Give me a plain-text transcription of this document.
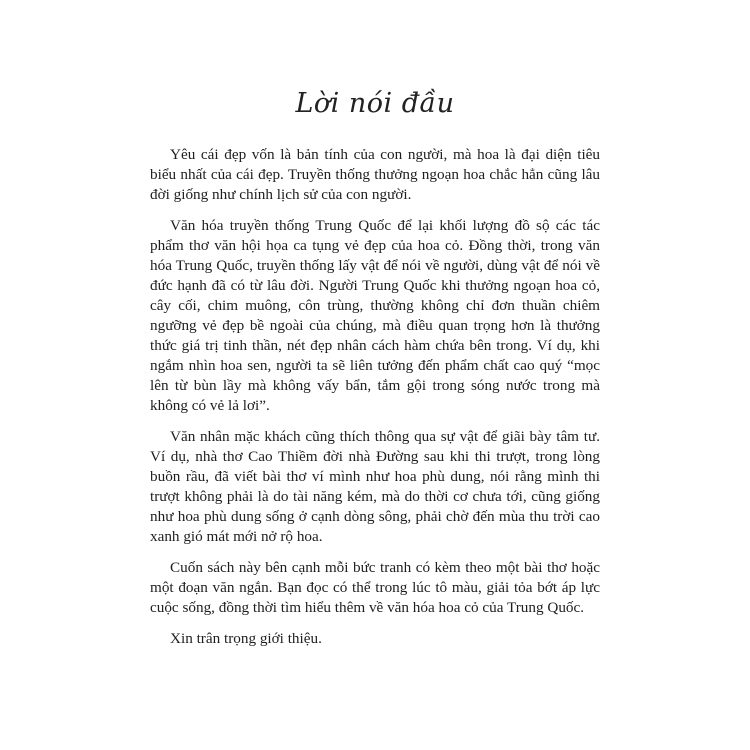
Lời nói đầu

Yêu cái đẹp vốn là bản tính của con người, mà hoa là đại diện tiêu biểu nhất của cái đẹp. Truyền thống thưởng ngoạn hoa chắc hẳn cũng lâu đời giống như chính lịch sử của con người.

Văn hóa truyền thống Trung Quốc để lại khối lượng đồ sộ các tác phẩm thơ văn hội họa ca tụng vẻ đẹp của hoa cỏ. Đồng thời, trong văn hóa Trung Quốc, truyền thống lấy vật để nói về người, dùng vật để nói về đức hạnh đã có từ lâu đời. Người Trung Quốc khi thưởng ngoạn hoa cỏ, cây cối, chim muông, côn trùng, thường không chỉ đơn thuần chiêm ngưỡng vẻ đẹp bề ngoài của chúng, mà điều quan trọng hơn là thưởng thức giá trị tinh thần, nét đẹp nhân cách hàm chứa bên trong. Ví dụ, khi ngắm nhìn hoa sen, người ta sẽ liên tưởng đến phẩm chất cao quý “mọc lên từ bùn lầy mà không vấy bẩn, tắm gội trong sóng nước trong mà không có vẻ lả lơi”.

Văn nhân mặc khách cũng thích thông qua sự vật để giãi bày tâm tư. Ví dụ, nhà thơ Cao Thiềm đời nhà Đường sau khi thi trượt, trong lòng buồn rầu, đã viết bài thơ ví mình như hoa phù dung, nói rằng mình thi trượt không phải là do tài năng kém, mà do thời cơ chưa tới, cũng giống như hoa phù dung sống ở cạnh dòng sông, phải chờ đến mùa thu trời cao xanh gió mát mới nở rộ hoa.

Cuốn sách này bên cạnh mỗi bức tranh có kèm theo một bài thơ hoặc một đoạn văn ngắn. Bạn đọc có thể trong lúc tô màu, giải tỏa bớt áp lực cuộc sống, đồng thời tìm hiểu thêm về văn hóa hoa cỏ của Trung Quốc.

Xin trân trọng giới thiệu.
